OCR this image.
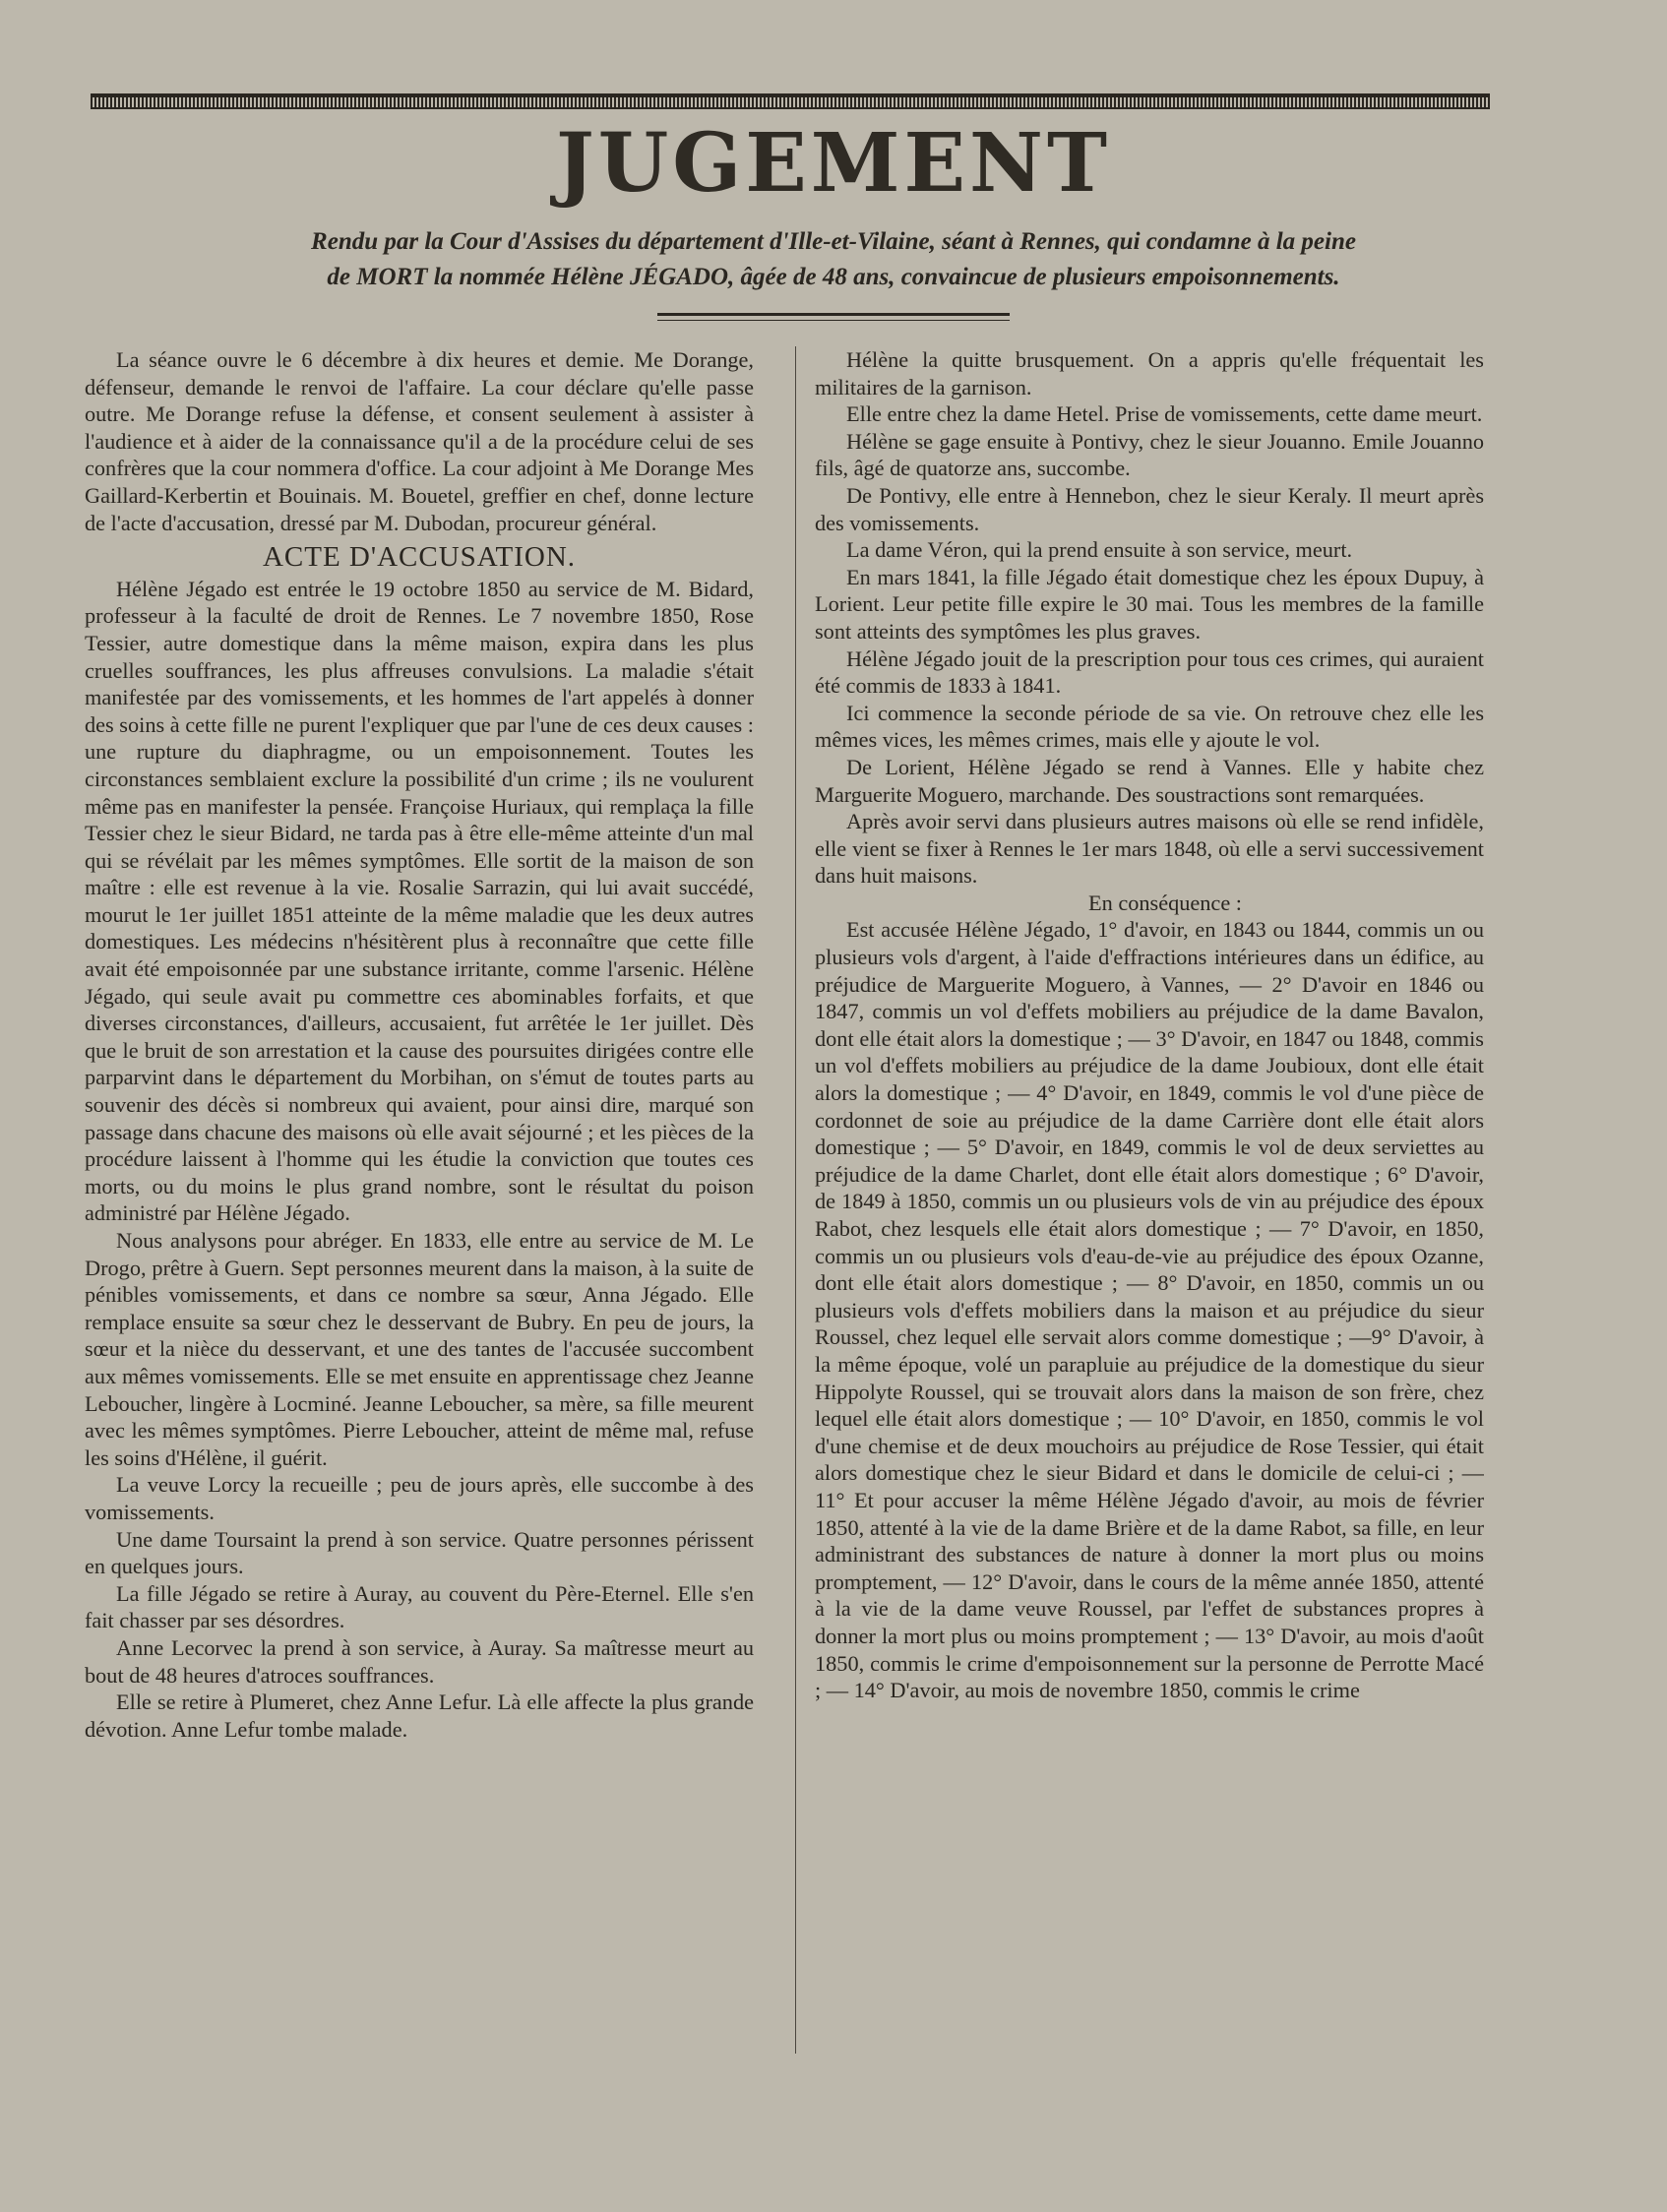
JUGEMENT
Rendu par la Cour d'Assises du département d'Ille-et-Vilaine, séant à Rennes, qui condamne à la peine
de MORT la nommée Hélène JÉGADO, âgée de 48 ans, convaincue de plusieurs empoisonnements.

La séance ouvre le 6 décembre à dix heures et demie. Me Dorange, défenseur, demande le renvoi de l'affaire. La cour déclare qu'elle passe outre. Me Dorange refuse la défense, et consent seulement à assister à l'audience et à aider de la connaissance qu'il a de la procédure celui de ses confrères que la cour nommera d'office. La cour adjoint à Me Dorange Mes Gaillard-Kerbertin et Bouinais. M. Bouetel, greffier en chef, donne lecture de l'acte d'accusation, dressé par M. Dubodan, procureur général.

ACTE D'ACCUSATION.

Hélène Jégado est entrée le 19 octobre 1850 au service de M. Bidard, professeur à la faculté de droit de Rennes. Le 7 novembre 1850, Rose Tessier, autre domestique dans la même maison, expira dans les plus cruelles souffrances, les plus affreuses convulsions. La maladie s'était manifestée par des vomissements, et les hommes de l'art appelés à donner des soins à cette fille ne purent l'expliquer que par l'une de ces deux causes : une rupture du diaphragme, ou un empoisonnement. Toutes les circonstances semblaient exclure la possibilité d'un crime ; ils ne voulurent même pas en manifester la pensée. Françoise Huriaux, qui remplaça la fille Tessier chez le sieur Bidard, ne tarda pas à être elle-même atteinte d'un mal qui se révélait par les mêmes symptômes. Elle sortit de la maison de son maître : elle est revenue à la vie. Rosalie Sarrazin, qui lui avait succédé, mourut le 1er juillet 1851 atteinte de la même maladie que les deux autres domestiques. Les médecins n'hésitèrent plus à reconnaître que cette fille avait été empoisonnée par une substance irritante, comme l'arsenic. Hélène Jégado, qui seule avait pu commettre ces abominables forfaits, et que diverses circonstances, d'ailleurs, accusaient, fut arrêtée le 1er juillet. Dès que le bruit de son arrestation et la cause des poursuites dirigées contre elle parparvint dans le département du Morbihan, on s'émut de toutes parts au souvenir des décès si nombreux qui avaient, pour ainsi dire, marqué son passage dans chacune des maisons où elle avait séjourné ; et les pièces de la procédure laissent à l'homme qui les étudie la conviction que toutes ces morts, ou du moins le plus grand nombre, sont le résultat du poison administré par Hélène Jégado.

Nous analysons pour abréger. En 1833, elle entre au service de M. Le Drogo, prêtre à Guern. Sept personnes meurent dans la maison, à la suite de pénibles vomissements, et dans ce nombre sa sœur, Anna Jégado. Elle remplace ensuite sa sœur chez le desservant de Bubry. En peu de jours, la sœur et la nièce du desservant, et une des tantes de l'accusée succombent aux mêmes vomissements. Elle se met ensuite en apprentissage chez Jeanne Leboucher, lingère à Locminé. Jeanne Leboucher, sa mère, sa fille meurent avec les mêmes symptômes. Pierre Leboucher, atteint de même mal, refuse les soins d'Hélène, il guérit.

La veuve Lorcy la recueille ; peu de jours après, elle succombe à des vomissements.

Une dame Toursaint la prend à son service. Quatre personnes périssent en quelques jours.

La fille Jégado se retire à Auray, au couvent du Père-Eternel. Elle s'en fait chasser par ses désordres.

Anne Lecorvec la prend à son service, à Auray. Sa maîtresse meurt au bout de 48 heures d'atroces souffrances.

Elle se retire à Plumeret, chez Anne Lefur. Là elle affecte la plus grande dévotion. Anne Lefur tombe malade.

Hélène la quitte brusquement. On a appris qu'elle fréquentait les militaires de la garnison.

Elle entre chez la dame Hetel. Prise de vomissements, cette dame meurt.

Hélène se gage ensuite à Pontivy, chez le sieur Jouanno. Emile Jouanno fils, âgé de quatorze ans, succombe.

De Pontivy, elle entre à Hennebon, chez le sieur Keraly. Il meurt après des vomissements.

La dame Véron, qui la prend ensuite à son service, meurt.

En mars 1841, la fille Jégado était domestique chez les époux Dupuy, à Lorient. Leur petite fille expire le 30 mai. Tous les membres de la famille sont atteints des symptômes les plus graves.

Hélène Jégado jouit de la prescription pour tous ces crimes, qui auraient été commis de 1833 à 1841.

Ici commence la seconde période de sa vie. On retrouve chez elle les mêmes vices, les mêmes crimes, mais elle y ajoute le vol.

De Lorient, Hélène Jégado se rend à Vannes. Elle y habite chez Marguerite Moguero, marchande. Des soustractions sont remarquées.

Après avoir servi dans plusieurs autres maisons où elle se rend infidèle, elle vient se fixer à Rennes le 1er mars 1848, où elle a servi successivement dans huit maisons.

En conséquence :

Est accusée Hélène Jégado, 1° d'avoir, en 1843 ou 1844, commis un ou plusieurs vols d'argent, à l'aide d'effractions intérieures dans un édifice, au préjudice de Marguerite Moguero, à Vannes, — 2° D'avoir en 1846 ou 1847, commis un vol d'effets mobiliers au préjudice de la dame Bavalon, dont elle était alors la domestique ; — 3° D'avoir, en 1847 ou 1848, commis un vol d'effets mobiliers au préjudice de la dame Joubioux, dont elle était alors la domestique ; — 4° D'avoir, en 1849, commis le vol d'une pièce de cordonnet de soie au préjudice de la dame Carrière dont elle était alors domestique ; — 5° D'avoir, en 1849, commis le vol de deux serviettes au préjudice de la dame Charlet, dont elle était alors domestique ; 6° D'avoir, de 1849 à 1850, commis un ou plusieurs vols de vin au préjudice des époux Rabot, chez lesquels elle était alors domestique ; — 7° D'avoir, en 1850, commis un ou plusieurs vols d'eau-de-vie au préjudice des époux Ozanne, dont elle était alors domestique ; — 8° D'avoir, en 1850, commis un ou plusieurs vols d'effets mobiliers dans la maison et au préjudice du sieur Roussel, chez lequel elle servait alors comme domestique ; —9° D'avoir, à la même époque, volé un parapluie au préjudice de la domestique du sieur Hippolyte Roussel, qui se trouvait alors dans la maison de son frère, chez lequel elle était alors domestique ; — 10° D'avoir, en 1850, commis le vol d'une chemise et de deux mouchoirs au préjudice de Rose Tessier, qui était alors domestique chez le sieur Bidard et dans le domicile de celui-ci ; — 11° Et pour accuser la même Hélène Jégado d'avoir, au mois de février 1850, attenté à la vie de la dame Brière et de la dame Rabot, sa fille, en leur administrant des substances de nature à donner la mort plus ou moins promptement, — 12° D'avoir, dans le cours de la même année 1850, attenté à la vie de la dame veuve Roussel, par l'effet de substances propres à donner la mort plus ou moins promptement ; — 13° D'avoir, au mois d'août 1850, commis le crime d'empoisonnement sur la personne de Perrotte Macé ; — 14° D'avoir, au mois de novembre 1850, commis le crime
